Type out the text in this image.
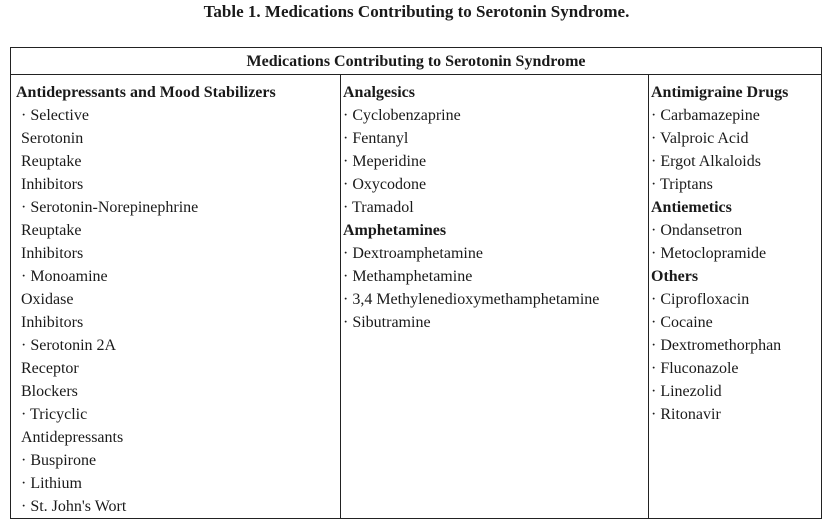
Table 1. Medications Contributing to Serotonin Syndrome.
Medications Contributing to Serotonin Syndrome
Antidepressants and Mood Stabilizers
· Selective
Serotonin
Reuptake
Inhibitors
· Serotonin-Norepinephrine
Reuptake
Inhibitors
· Monoamine
Oxidase
Inhibitors
· Serotonin 2A
Receptor
Blockers
· Tricyclic
Antidepressants
· Buspirone
· Lithium
· St. John's Wort
Analgesics
· Cyclobenzaprine
· Fentanyl
· Meperidine
· Oxycodone
· Tramadol
Amphetamines
· Dextroamphetamine
· Methamphetamine
· 3,4 Methylenedioxymethamphetamine
· Sibutramine
Antimigraine Drugs
· Carbamazepine
· Valproic Acid
· Ergot Alkaloids
· Triptans
Antiemetics
· Ondansetron
· Metoclopramide
Others
· Ciprofloxacin
· Cocaine
· Dextromethorphan
· Fluconazole
· Linezolid
· Ritonavir
